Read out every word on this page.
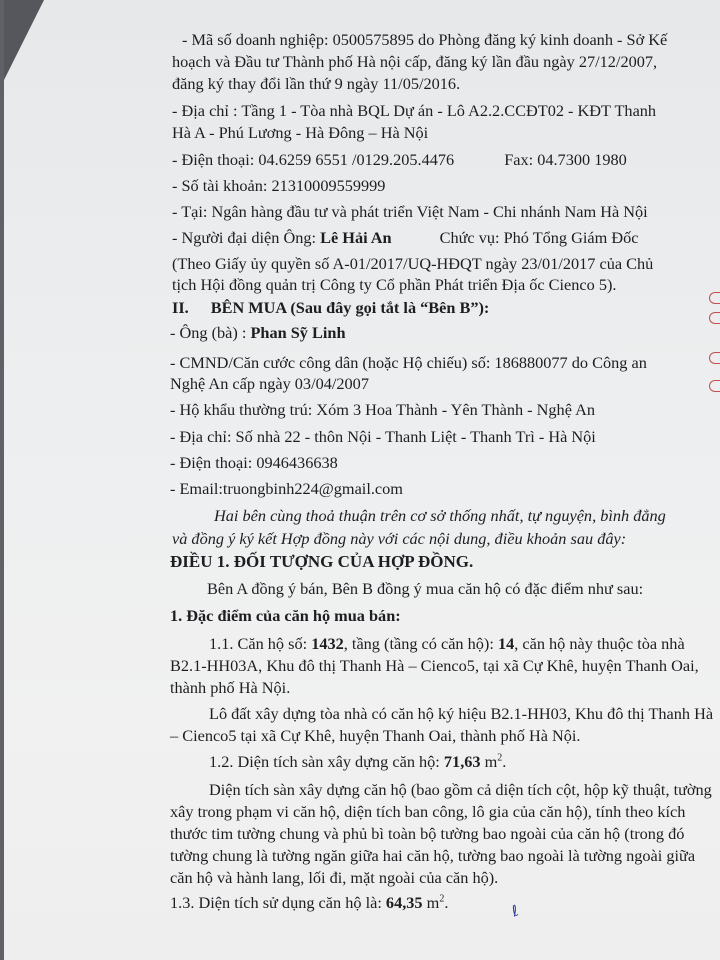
- Mã số doanh nghiệp: 0500575895 do Phòng đăng ký kinh doanh - Sở Kế
hoạch và Đầu tư Thành phố Hà nội cấp, đăng ký lần đầu ngày 27/12/2007,
đăng ký thay đổi lần thứ 9 ngày 11/05/2016.
- Địa chỉ : Tầng 1 - Tòa nhà BQL Dự án - Lô A2.2.CCĐT02 - KĐT Thanh
Hà A - Phú Lương - Hà Đông – Hà Nội
- Điện thoại: 04.6259 6551 /0129.205.4476	Fax: 04.7300 1980
- Số tài khoản: 21310009559999
- Tại: Ngân hàng đầu tư và phát triển Việt Nam - Chi nhánh Nam Hà Nội
- Người đại diện Ông: Lê Hải An	Chức vụ: Phó Tổng Giám Đốc
(Theo Giấy ủy quyền số A-01/2017/UQ-HĐQT ngày 23/01/2017 của Chủ
tịch Hội đồng quản trị Công ty Cổ phần Phát triển Địa ốc Cienco 5).
II. BÊN MUA (Sau đây gọi tắt là “Bên B”):
- Ông (bà) : Phan Sỹ Linh
- CMND/Căn cước công dân (hoặc Hộ chiếu) số: 186880077 do Công an
Nghệ An cấp ngày 03/04/2007
- Hộ khẩu thường trú: Xóm 3 Hoa Thành - Yên Thành - Nghệ An
- Địa chỉ: Số nhà 22 - thôn Nội - Thanh Liệt - Thanh Trì - Hà Nội
- Điện thoại: 0946436638
- Email:truongbinh224@gmail.com
Hai bên cùng thoả thuận trên cơ sở thống nhất, tự nguyện, bình đẳng
và đồng ý ký kết Hợp đồng này với các nội dung, điều khoản sau đây:
ĐIỀU 1. ĐỐI TƯỢNG CỦA HỢP ĐỒNG.
Bên A đồng ý bán, Bên B đồng ý mua căn hộ có đặc điểm như sau:
1. Đặc điểm của căn hộ mua bán:
1.1. Căn hộ số: 1432, tầng (tầng có căn hộ): 14, căn hộ này thuộc tòa nhà
B2.1-HH03A, Khu đô thị Thanh Hà – Cienco5, tại xã Cự Khê, huyện Thanh Oai,
thành phố Hà Nội.
Lô đất xây dựng tòa nhà có căn hộ ký hiệu B2.1-HH03, Khu đô thị Thanh Hà
– Cienco5 tại xã Cự Khê, huyện Thanh Oai, thành phố Hà Nội.
1.2. Diện tích sàn xây dựng căn hộ: 71,63 $m^2$.
Diện tích sàn xây dựng căn hộ (bao gồm cả diện tích cột, hộp kỹ thuật, tường
xây trong phạm vi căn hộ, diện tích ban công, lô gia của căn hộ), tính theo kích
thước tim tường chung và phủ bì toàn bộ tường bao ngoài của căn hộ (trong đó
tường chung là tường ngăn giữa hai căn hộ, tường bao ngoài là tường ngoài giữa
căn hộ và hành lang, lối đi, mặt ngoài của căn hộ).
1.3. Diện tích sử dụng căn hộ là: 64,35 $m^2$.	ℓ
